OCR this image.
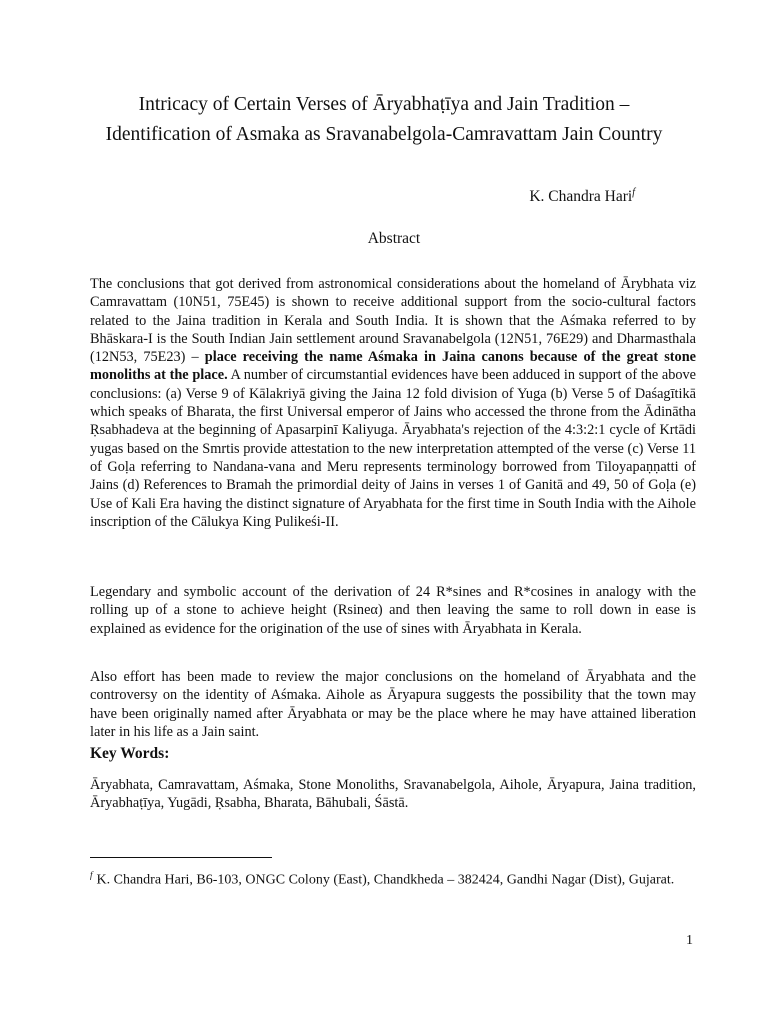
Intricacy of Certain Verses of Āryabhaṭīya and Jain Tradition –
Identification of Asmaka as Sravanabelgola-Camravattam Jain Country
K. Chandra Hari$^f$
Abstract

The conclusions that got derived from astronomical considerations about the homeland of Ārybhata viz Camravattam (10N51, 75E45) is shown to receive additional support from the socio-cultural factors related to the Jaina tradition in Kerala and South India. It is shown that the Aśmaka referred to by Bhāskara-I is the South Indian Jain settlement around Sravanabelgola (12N51, 76E29) and Dharmasthala (12N53, 75E23) – place receiving the name Aśmaka in Jaina canons because of the great stone monoliths at the place. A number of circumstantial evidences have been adduced in support of the above conclusions: (a) Verse 9 of Kālakriyā giving the Jaina 12 fold division of Yuga (b) Verse 5 of Daśagītikā which speaks of Bharata, the first Universal emperor of Jains who accessed the throne from the Ādinātha Ṛsabhadeva at the beginning of Apasarpinī Kaliyuga. Āryabhata's rejection of the 4:3:2:1 cycle of Krtādi yugas based on the Smrtis provide attestation to the new interpretation attempted of the verse (c) Verse 11 of Goḷa referring to Nandana-vana and Meru represents terminology borrowed from Tiloyapaṇṇatti of Jains (d) References to Bramah the primordial deity of Jains in verses 1 of Ganitā and 49, 50 of Goḷa (e) Use of Kali Era having the distinct signature of Aryabhata for the first time in South India with the Aihole inscription of the Cālukya King Pulikeśi-II.

Legendary and symbolic account of the derivation of 24 R*sines and R*cosines in analogy with the rolling up of a stone to achieve height (Rsineα) and then leaving the same to roll down in ease is explained as evidence for the origination of the use of sines with Āryabhata in Kerala.

Also effort has been made to review the major conclusions on the homeland of Āryabhata and the controversy on the identity of Aśmaka. Aihole as Āryapura suggests the possibility that the town may have been originally named after Āryabhata or may be the place where he may have attained liberation later in his life as a Jain saint.

Key Words:

Āryabhata, Camravattam, Aśmaka, Stone Monoliths, Sravanabelgola, Aihole, Āryapura, Jaina tradition, Āryabhaṭīya, Yugādi, Ṛsabha, Bharata, Bāhubali, Śāstā.

$^f$ K. Chandra Hari, B6-103, ONGC Colony (East), Chandkheda – 382424, Gandhi Nagar (Dist), Gujarat.

1
